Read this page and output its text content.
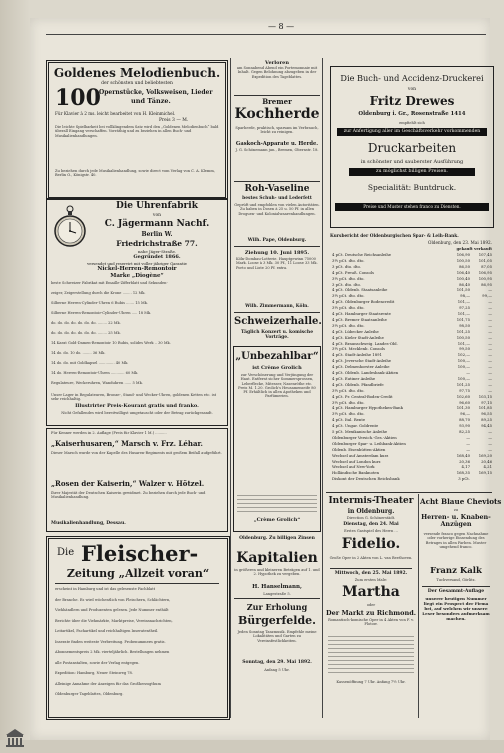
— 8 —
Goldenes Melodienbuch.
der schönsten und beliebtesten
100
Opernstücke, Volksweisen, Lieder
und Tänze.
Für Klavier à 2 ms. leicht bearbeitet von H. Kleinmichel.
Preis 3 — M.
Die leichte Spielbarkeit bei vollklingendem Satz wird den „Goldenen Melodienbuch“ bald überall Eingang verschaffen. Vorräthig und zu beziehen in allen Buch- und Musikalienhandlungen.
Zu beziehen durch jede Musikalienhandlung, sowie direct vom Verlag von C. A. Klemm, Berlin O., Königstr. 40.
Die Uhrenfabrik
von
C. Jägermann Nachf.
Berlin W.
Friedrichstraße 77.
nahe Jäger-Straße.
Gegründet 1866.
versendet und reservirt mit voller jähriger Garantie
Nickel-Herren-Remontoir
Marke „Diogène“
beste Schweizer Fabrikat mit Emaille-Zifferblatt und Sekunden-
zeiger, Zeigerstellung durch die Krone ........ 12 Mk.
Silberne Herren-Cylinder-Uhren 6 Rubis ....... 15 Mk.
Silberne Herren-Remontoir-Cylinder-Uhren ..... 18 Mk.
do. do. do. do. do. do. do. ........ 22 Mk.
do. do. do. do. do. do. do. ........ 25 Mk.
14 Karat Gold-Damen-Remontoir 10 Rubis, solides Werk .. 30 Mk.
14 do. do. 10 do. ........ 36 Mk.
14 do. do. mit Goldkapsel .............. 40 Mk.
14 do. Herren-Remontoir-Uhren ............ 60 Mk.
Regulateure, Weckeruhren, Wanduhren ...... 5 Mk.
Unser Lager in Regulateuren, Bronze-, Stand- und Wecker-Uhren, goldenen Ketten etc. ist sehr reichhaltig.
Illustrirter Preis-Kourant gratis und franko.
Nicht Gefallendes wird bereitwilligst umgetauscht oder der Betrag zurückgesandt.
Für Kenner werden in 2. Auflage (Preis für Klavier 1 M.) ..........
„Kaiserhusaren,“ Marsch v. Frz. Léhar.
Dieser Marsch wurde von der Kapelle des Husaren-Regiments mit großem Beifall aufgeführt.
„Rosen der Kaiserin,“ Walzer v. Hötzel.
Ihrer Majestät der Deutschen Kaiserin gewidmet. Zu beziehen durch jede Buch- und Musikalienhandlung.
Musikalienhandlung, Dessau.
Die Fleischer-
Zeitung „Allzeit voran“
erscheint in Hamburg und ist das gelesenste Fachblatt
der Branche. Es wird wöchentlich von Fleischern, Schlächtern,
Viehhändlern und Produzenten gelesen. Jede Nummer enthält
Berichte über die Viehmärkte, Marktpreise, Vereinsnachrichten,
Leitartikel, Fachartikel und reichhaltigen Inseratentheil.
Inserate finden weiteste Verbreitung. Probenummern gratis.
Abonnementspreis 2 Mk. vierteljährlich. Bestellungen nehmen
alle Postanstalten, sowie der Verlag entgegen.
Expedition: Hamburg, Neuer Steinweg 78.
Alleinige Annahme der Anzeigen für das Großherzogthum
Oldenburger Tageblattes, Oldenburg.
Verloren
am Sonnabend Abend ein Portemonnaie mit Inhalt. Gegen Belohnung abzugeben in der Expedition des Tageblattes.
Bremer
Kochherde
Sparherde, praktisch, sparsam im Verbrauch, leicht zu reinigen.
Gaskoch-Apparate u. Herde.
J. G. Schönemann jun., Bremen, Obernstr. 18.
Roh-Vaseline
bestes Schuh- und Lederfett
Geprüft und empfohlen von vielen Autoritäten. Zu haben in Dosen à 25 u. 50 Pf. in allen Droguen- und Kolonialwaarenhandlungen.
Wilh. Pape, Oldenburg.
Ziehung 10. Juni 1895.
Köln-Dombau-Lotterie. Hauptgewinn 75000 Mark. Loose à 3 Mk. 30 Pf., 11 Loose 33 Mk. Porto und Liste 20 Pf. extra.
Wilh. Zimmermann, Köln.
Schweizerhalle.
Täglich Konzert u. komische Vorträge.
„Unbezahlbar“
ist Crème Grolich
zur Verschönerung und Verjüngung der Haut. Entfernt sicher Sommersprossen, Leberflecke, Mitesser, Nasenröthe etc. Preis M. 1.20. Grolich's Heusamenseife 80 Pf. Erhältlich in allen Apotheken und Parfümerien.
„Crème Grolich“
Oldenburg. Zu billigen Zinsen
Kapitalien
in größeren und kleineren Beträgen auf 1. und 2. Hypothek zu vergeben.
H. Hanselmann,
Langestraße 5.
Zur Erholung
Bürgerfelde.
Jeden Sonntag Tanzmusik. Empfehle meine Lokalitäten und Garten zu Vereinsfestlichkeiten.
Sonntag, den 29. Mai 1892.
Anfang 5 Uhr.
Die Buch- und Accidenz-Druckerei
von
Fritz Drewes
Oldenburg i. Gr., Rosenstraße 1414
empfiehlt sich
zur Anfertigung aller im Geschäftsverkehr vorkommenden
Druckarbeiten
in schönster und sauberster Ausführung
zu möglichst billigen Preisen.
Specialität: Buntdruck.
Preise und Muster stehen franco zu Diensten.
Kursbericht der Oldenburgischen Spar- & Leih-Bank.
Oldenburg, den 23. Mai 1892.
gekauft verkauft
4 pCt. Deutsche Reichsanleihe	106,90	107,45
3½ pCt. dto. dto.	100,50	101,05
3 pCt. dto. dto.	86,50	87,05
4 pCt. Preuß. Consols	106,40	106,95
3½ pCt. dto. dto.	100,40	100,95
3 pCt. dto. dto.	86,40	86,95
4 pCt. Oldenb. Staatsanleihe	101,50	—
3½ pCt. dto. dto.	98,—	99,—
4 pCt. Oldenburger Bodencredit	101,—	—
3½ pCt. dto. dto.	97,25	—
4 pCt. Hamburger Staatsrente	101,—	—
4 pCt. Bremer Staatsanleihe	101,75	—
3½ pCt. dto. dto.	98,50	—
4 pCt. Lübecker Anleihe	101,25	—
4 pCt. Kieler Stadt-Anleihe	100,50	—
4 pCt. Braunschweig. Landes-Obl.	101,—	—
3½ pCt. Mecklenb. Consols	99,50	—
4 pCt. Stadt-Anleihe 1891	102,—	—
4 pCt. Jeversche Stadt-Anleihe	100,—	—
4 pCt. Delmenhorster Anleihe	100,—	—
4 pCt. Oldenb. Landesbank-Aktien	—	—
4 pCt. Eutiner Anleihe	100,—	—
4 pCt. Oldenb. Pfandbriefe	101,25	—
3½ pCt. dto. dto.	97,75	—
4 pCt. Pr. Central-Boden-Credit	102,60	103,15
3½ pCt. dto. dto.	96,60	97,15
4 pCt. Hamburger Hypotheken-Bank	101,30	101,85
3½ pCt. dto. dto.	96,—	96,55
4 pCt. Ital. Rente	88,70	89,25
4 pCt. Ungar. Goldrente	93,90	94,45
5 pCt. Mexikanische Anleihe	82,25	—
Oldenburger Versich.-Ges.-Aktien	—	—
Oldenburger Spar- u. Leihbank-Aktien	—	—
Oldenb. Eisenhütten-Aktien	—	—
Wechsel auf Amsterdam kurz	168,40	169,20
Wechsel auf London kurz	20,36	20,46
Wechsel auf New-York	4,17	4,21
Holländische Banknoten	168,35	169,15
Diskont der Deutschen Reichsbank	3 pCt.
Intermis-Theater
in Oldenburg.
Direction G. Schönerstädt.
Dienstag, den 24. Mai
Erstes Gastspiel des Herrn ...
Fidelio.
Große Oper in 2 Akten von L. van Beethoven.
Mittwoch, den 25. Mai 1892.
Zum ersten Male:
Martha
oder
Der Markt zu Richmond.
Romantisch-komische Oper in 4 Akten von F. v. Flotow.
Kassenöffnung 7 Uhr. Anfang 7½ Uhr.
Acht Blaue Cheviots
zu
Herren- u. Knaben-Anzügen
versende franco gegen Nachnahme oder vorherige Einsendung des Betrages in allen Farben. Muster umgehend franco.
Franz Kalk
Tuchversand, Görlitz.
Der Gesammt-Auflage
unserer heutigen Nummer liegt ein Prospect der Firma bei, auf welchen wir unsere Leser besonders aufmerksam machen.
